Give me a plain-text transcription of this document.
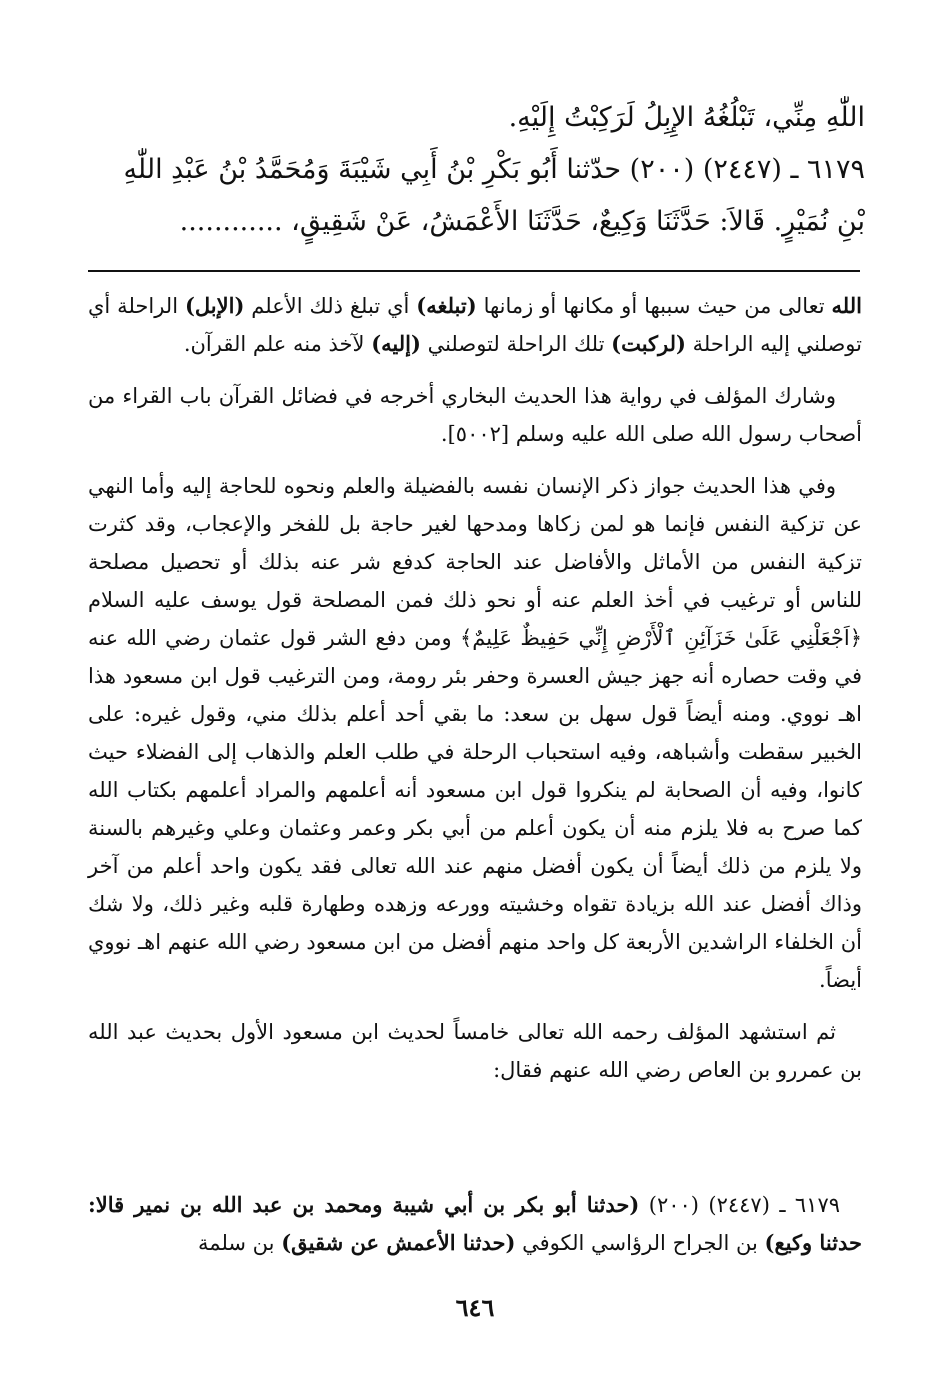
اللّٰهِ مِنِّي، تَبْلُغُهُ الإِبِلُ لَرَكِبْتُ إِلَيْهِ.
٦١٧٩ ـ (٢٤٤٧) (٢٠٠) حدّثنا أَبُو بَكْرِ بْنُ أَبِي شَيْبَةَ وَمُحَمَّدُ بْنُ عَبْدِ اللّٰهِ
بْنِ نُمَيْرٍ. قَالاَ: حَدَّثَنَا وَكِيعٌ، حَدَّثَنَا الأَعْمَشُ، عَنْ شَقِيقٍ، ............

الله تعالى من حيث سببها أو مكانها أو زمانها (تبلغه) أي تبلغ ذلك الأعلم (الإبل) الراحلة أي توصلني إليه الراحلة (لركبت) تلك الراحلة لتوصلني (إليه) لآخذ منه علم القرآن.

وشارك المؤلف في رواية هذا الحديث البخاري أخرجه في فضائل القرآن باب القراء من أصحاب رسول الله صلى الله عليه وسلم [٥٠٠٢].

وفي هذا الحديث جواز ذكر الإنسان نفسه بالفضيلة والعلم ونحوه للحاجة إليه وأما النهي عن تزكية النفس فإنما هو لمن زكاها ومدحها لغير حاجة بل للفخر والإعجاب، وقد كثرت تزكية النفس من الأماثل والأفاضل عند الحاجة كدفع شر عنه بذلك أو تحصيل مصلحة للناس أو ترغيب في أخذ العلم عنه أو نحو ذلك فمن المصلحة قول يوسف عليه السلام ﴿اَجْعَلْنِي عَلَىٰ خَزَآئِنِ ٱلْأَرْضِ إِنِّي حَفِيظٌ عَلِيمٌ﴾ ومن دفع الشر قول عثمان رضي الله عنه في وقت حصاره أنه جهز جيش العسرة وحفر بئر رومة، ومن الترغيب قول ابن مسعود هذا اهـ نووي. ومنه أيضاً قول سهل بن سعد: ما بقي أحد أعلم بذلك مني، وقول غيره: على الخبير سقطت وأشباهه، وفيه استحباب الرحلة في طلب العلم والذهاب إلى الفضلاء حيث كانوا، وفيه أن الصحابة لم ينكروا قول ابن مسعود أنه أعلمهم والمراد أعلمهم بكتاب الله كما صرح به فلا يلزم منه أن يكون أعلم من أبي بكر وعمر وعثمان وعلي وغيرهم بالسنة ولا يلزم من ذلك أيضاً أن يكون أفضل منهم عند الله تعالى فقد يكون واحد أعلم من آخر وذاك أفضل عند الله بزيادة تقواه وخشيته وورعه وزهده وطهارة قلبه وغير ذلك، ولا شك أن الخلفاء الراشدين الأربعة كل واحد منهم أفضل من ابن مسعود رضي الله عنهم اهـ نووي أيضاً.

ثم استشهد المؤلف رحمه الله تعالى خامساً لحديث ابن مسعود الأول بحديث عبد الله بن عمررو بن العاص رضي الله عنهم فقال:

٦١٧٩ ـ (٢٤٤٧) (٢٠٠) (حدثنا أبو بكر بن أبي شيبة ومحمد بن عبد الله بن نمير قالا: حدثنا وكيع) بن الجراح الرؤاسي الكوفي (حدثنا الأعمش عن شقيق) بن سلمة

٦٤٦
